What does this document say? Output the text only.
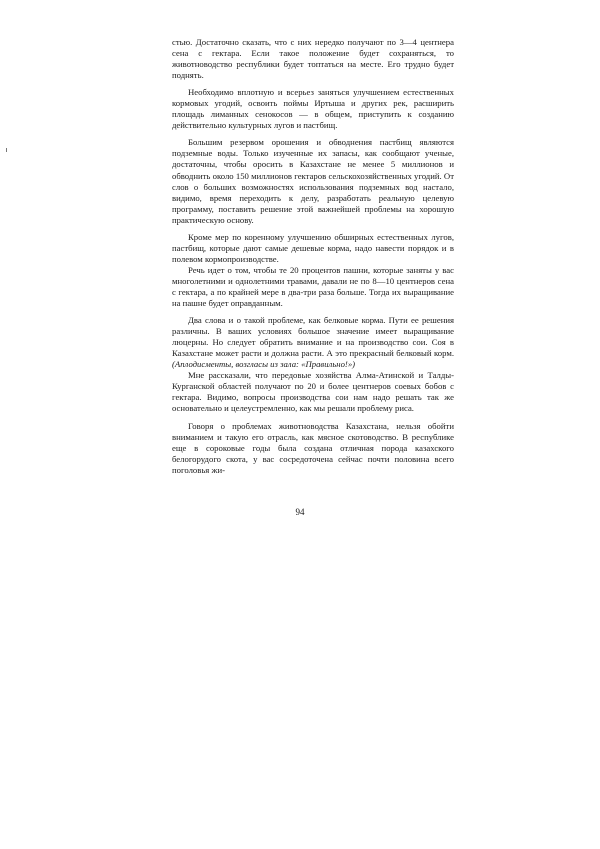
стью. Достаточно сказать, что с них нередко получают по 3—4 центнера сена с гектара. Если такое положение будет сохраняться, то животноводство республики будет топтаться на месте. Его трудно будет поднять.

Необходимо вплотную и всерьез заняться улучшением естественных кормовых угодий, освоить поймы Иртыша и других рек, расширить площадь лиманных сенокосов — в общем, приступить к созданию действительно культурных лугов и пастбищ.

Большим резервом орошения и обводнения пастбищ являются подземные воды. Только изученные их запасы, как сообщают ученые, достаточны, чтобы оросить в Казахстане не менее 5 миллионов и обводнить около 150 миллионов гектаров сельскохозяйственных угодий. От слов о больших возможностях использования подземных вод настало, видимо, время переходить к делу, разработать реальную целевую программу, поставить решение этой важнейшей проблемы на хорошую практическую основу.

Кроме мер по коренному улучшению обширных естественных лугов, пастбищ, которые дают самые дешевые корма, надо навести порядок и в полевом кормопроизводстве.

Речь идет о том, чтобы те 20 процентов пашни, которые заняты у вас многолетними и однолетними травами, давали не по 8—10 центнеров сена с гектара, а по крайней мере в два-три раза больше. Тогда их выращивание на пашне будет оправданным.

Два слова и о такой проблеме, как белковые корма. Пути ее решения различны. В ваших условиях большое значение имеет выращивание люцерны. Но следует обратить внимание и на производство сои. Соя в Казахстане может расти и должна расти. А это прекрасный белковый корм. (Аплодисменты, возгласы из зала: «Правильно!»)

Мне рассказали, что передовые хозяйства Алма-Атинской и Талды-Курганской областей получают по 20 и более центнеров соевых бобов с гектара. Видимо, вопросы производства сои нам надо решать так же основательно и целеустремленно, как мы решали проблему риса.

Говоря о проблемах животноводства Казахстана, нельзя обойти вниманием и такую его отрасль, как мясное скотоводство. В республике еще в сороковые годы была создана отличная порода казахского белогорудого скота, у вас сосредоточена сейчас почти половина всего поголовья жи-

94
